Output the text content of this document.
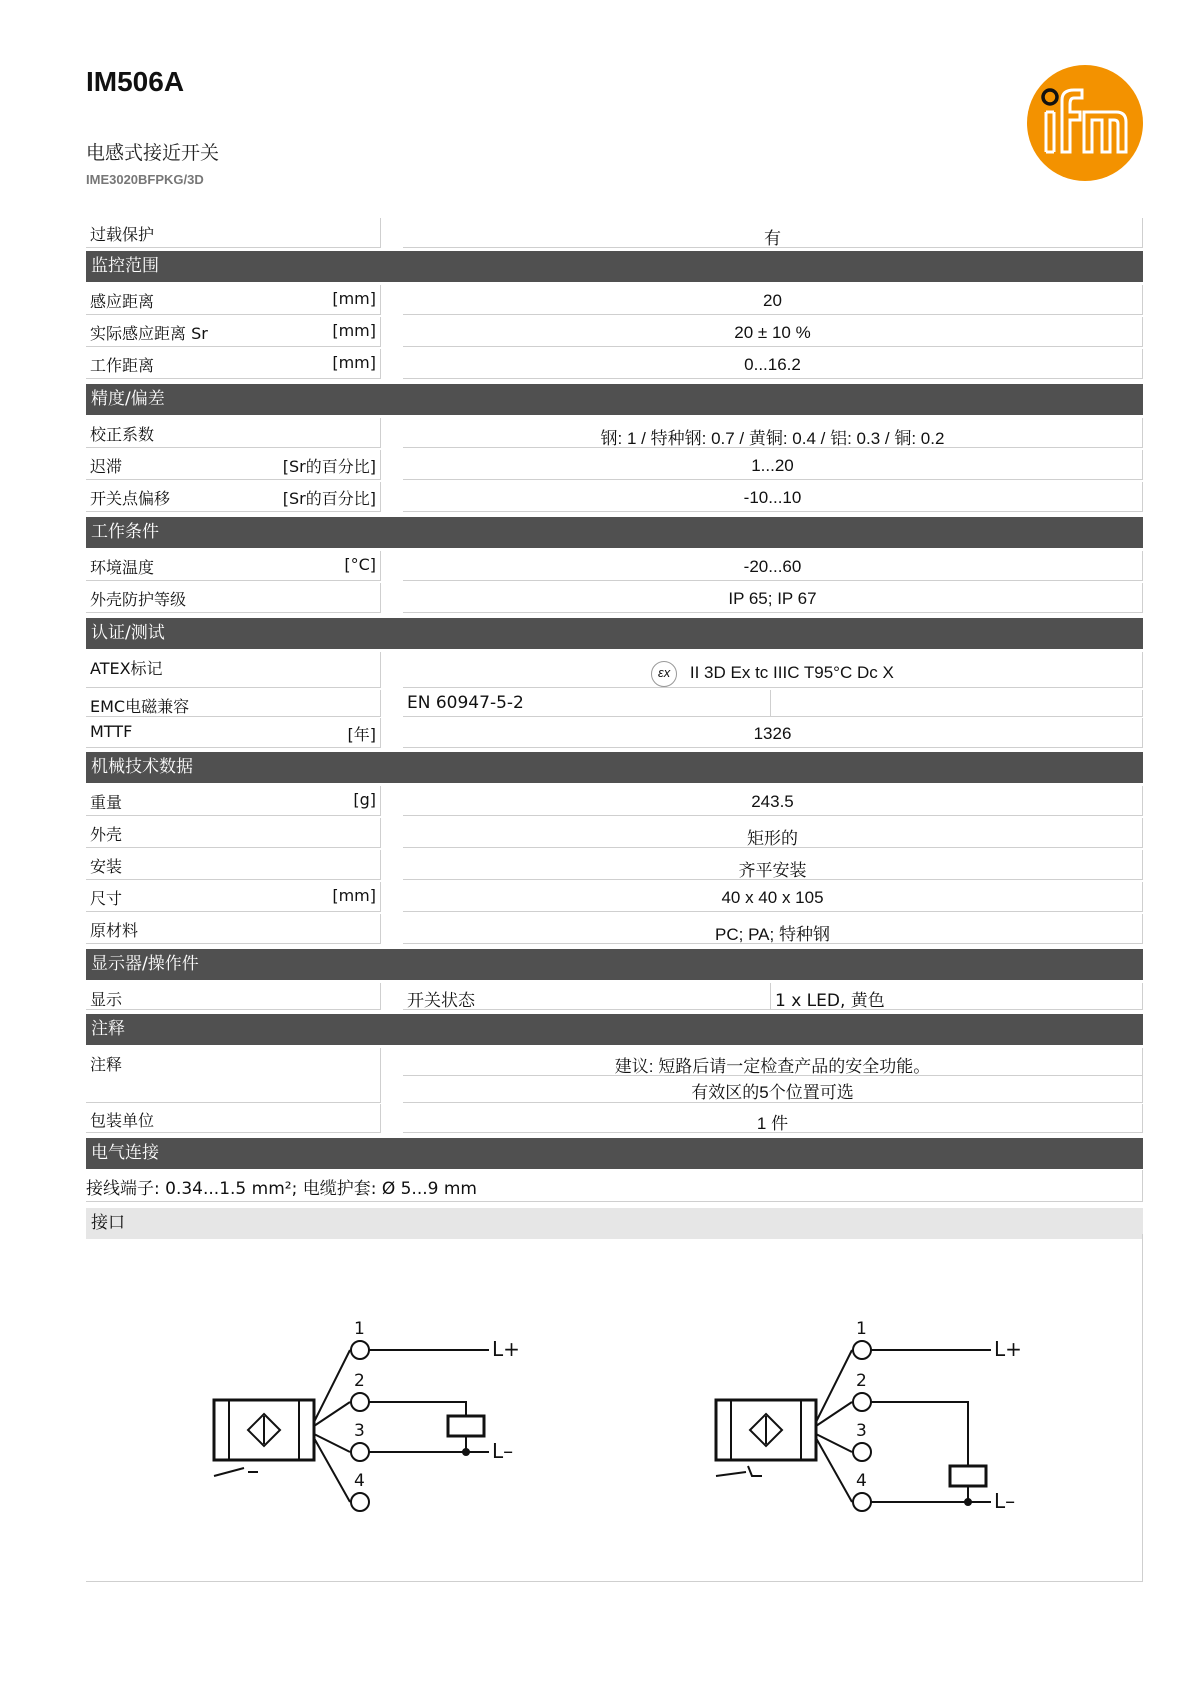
IM506A
电感式接近开关
IME3020BFPKG/3D
ifm
过载保护	有
监控范围
感应距离	[mm]	20
实际感应距离 Sr	[mm]	20 ± 10 %
工作距离	[mm]	0...16.2
精度/偏差
校正系数	钢: 1 / 特种钢: 0.7 / 黄铜: 0.4 / 铝: 0.3 / 铜: 0.2
迟滞	[Sr的百分比]	1...20
开关点偏移	[Sr的百分比]	-10...10
工作条件
环境温度	[°C]	-20...60
外壳防护等级	IP 65; IP 67
认证/测试
ATEX标记	εx II 3D Ex tc IIIC T95°C Dc X
EMC电磁兼容	EN 60947-5-2
MTTF	[年]	1326
机械技术数据
重量	[g]	243.5
外壳	矩形的
安装	齐平安装
尺寸	[mm]	40 x 40 x 105
原材料	PC; PA; 特种钢
显示器/操作件
显示	开关状态	1 x LED, 黄色
注释
注释	建议: 短路后请一定检查产品的安全功能。
有效区的5个位置可选
包装单位	1 件
电气连接
接线端子: 0.34...1.5 mm²; 电缆护套: Ø 5...9 mm
接口
1
2
3
4
L+
L–
1
2
3
4
L+
L–
